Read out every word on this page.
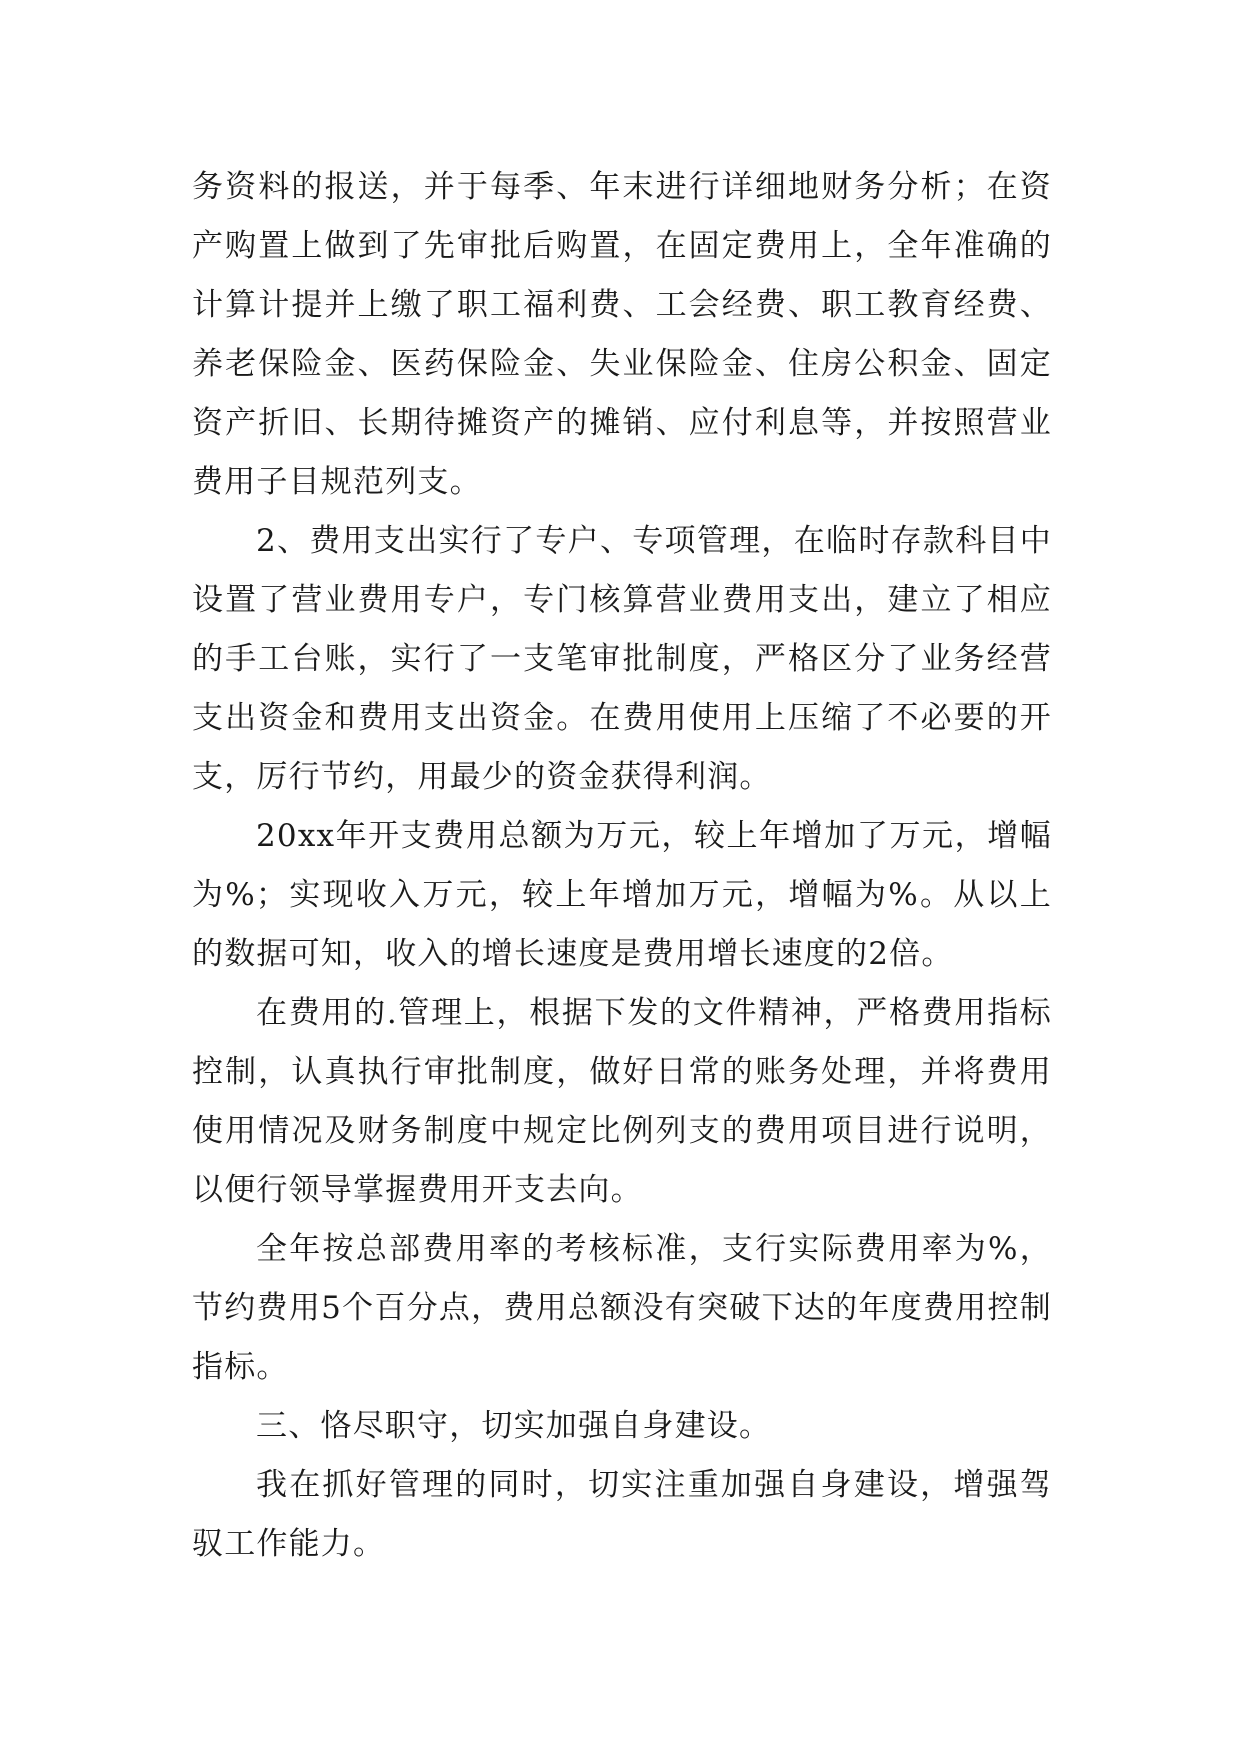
务资料的报送，并于每季、年末进行详细地财务分析；在资产购置上做到了先审批后购置，在固定费用上，全年准确的计算计提并上缴了职工福利费、工会经费、职工教育经费、养老保险金、医药保险金、失业保险金、住房公积金、固定资产折旧、长期待摊资产的摊销、应付利息等，并按照营业费用子目规范列支。

2、费用支出实行了专户、专项管理，在临时存款科目中设置了营业费用专户，专门核算营业费用支出，建立了相应的手工台账，实行了一支笔审批制度，严格区分了业务经营支出资金和费用支出资金。在费用使用上压缩了不必要的开支，厉行节约，用最少的资金获得利润。

20xx年开支费用总额为万元，较上年增加了万元，增幅为%；实现收入万元，较上年增加万元，增幅为%。从以上的数据可知，收入的增长速度是费用增长速度的2倍。

在费用的.管理上，根据下发的文件精神，严格费用指标控制，认真执行审批制度，做好日常的账务处理，并将费用使用情况及财务制度中规定比例列支的费用项目进行说明，以便行领导掌握费用开支去向。

全年按总部费用率的考核标准，支行实际费用率为%，节约费用5个百分点，费用总额没有突破下达的年度费用控制指标。

三、恪尽职守，切实加强自身建设。

我在抓好管理的同时，切实注重加强自身建设，增强驾驭工作能力。
